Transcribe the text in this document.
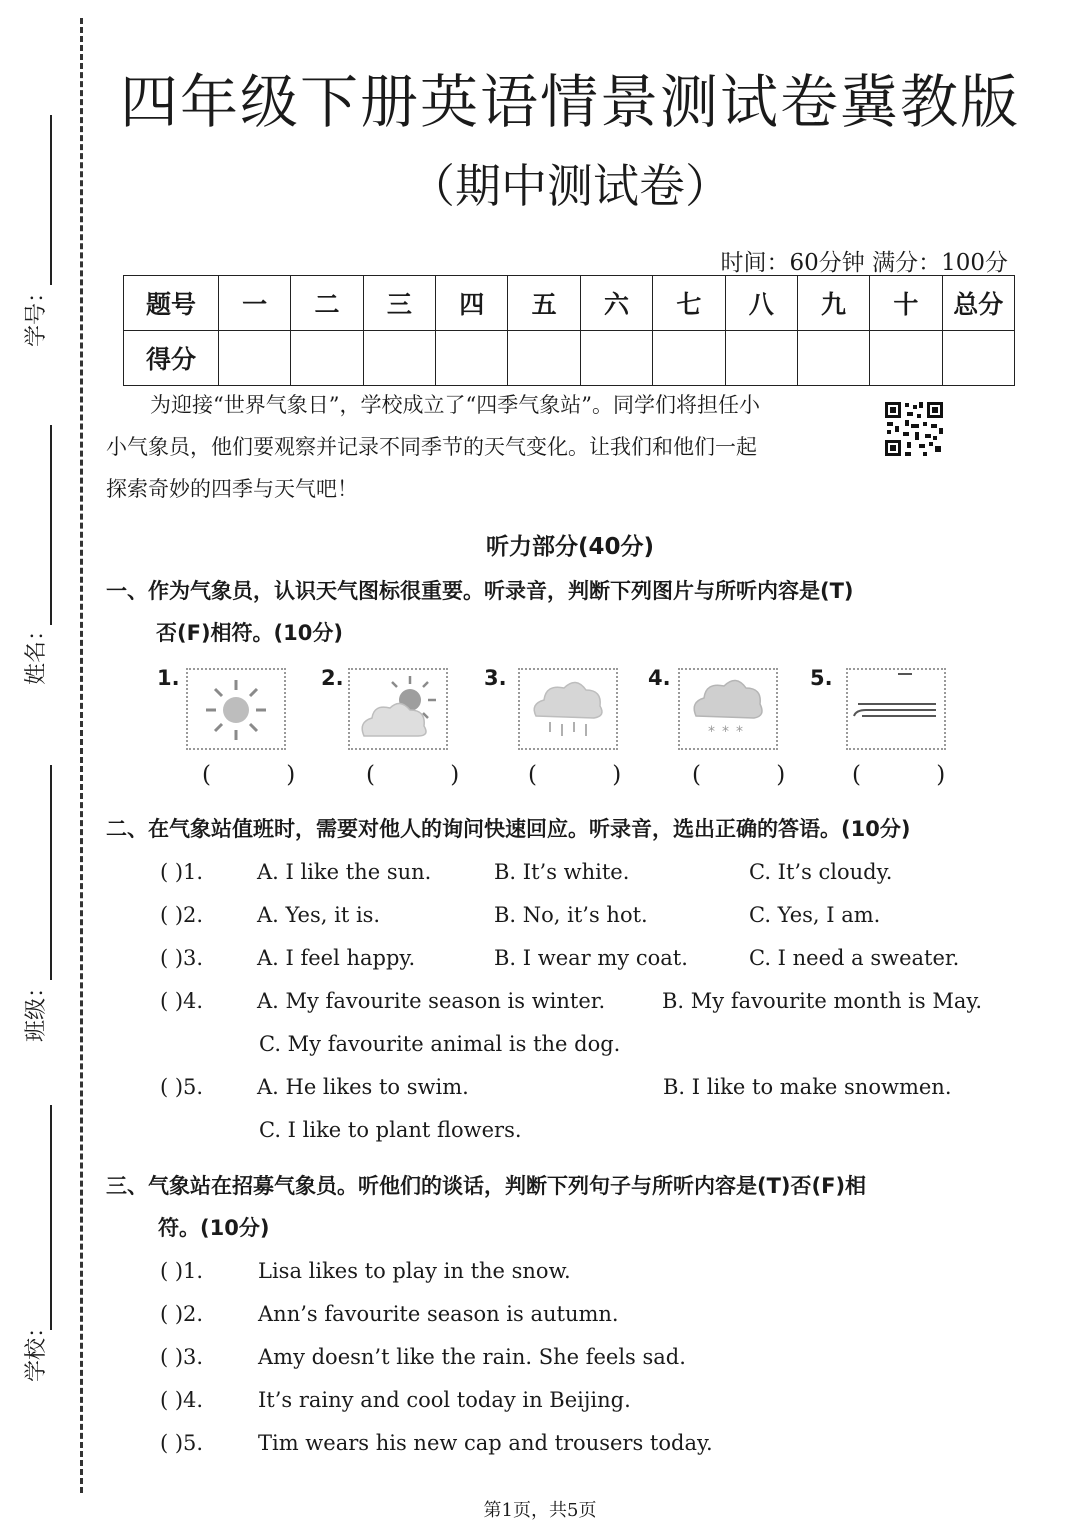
学号：
姓名：
班级：
学校：
四年级下册英语情景测试卷冀教版
（期中测试卷）
时间：60分钟 满分：100分
题号	一	二	三	四	五	六	七	八	九	十	总分
得分											
为迎接“世界气象日”，学校成立了“四季气象站”。同学们将担任小
小气象员，他们要观察并记录不同季节的天气变化。让我们和他们一起
探索奇妙的四季与天气吧！
听力部分(40分)
一、作为气象员，认识天气图标很重要。听录音，判断下列图片与所听内容是(T)
否(F)相符。(10分)
1.
( )
2.
( )
3.
( )
4.
* * *
( )
5.
( )
二、在气象站值班时，需要对他人的询问快速回应。听录音，选出正确的答语。(10分)
( )1.	A. I like the sun.	B. It’s white.	C. It’s cloudy.
( )2.	A. Yes, it is.	B. No, it’s hot.	C. Yes, I am.
( )3.	A. I feel happy.	B. I wear my coat.	C. I need a sweater.
( )4.	A. My favourite season is winter.	B. My favourite month is May.
C. My favourite animal is the dog.
( )5.	A. He likes to swim.	B. I like to make snowmen.
C. I like to plant flowers.
三、气象站在招募气象员。听他们的谈话，判断下列句子与所听内容是(T)否(F)相
符。(10分)
( )1.	Lisa likes to play in the snow.
( )2.	Ann’s favourite season is autumn.
( )3.	Amy doesn’t like the rain. She feels sad.
( )4.	It’s rainy and cool today in Beijing.
( )5.	Tim wears his new cap and trousers today.
第1页，共5页
